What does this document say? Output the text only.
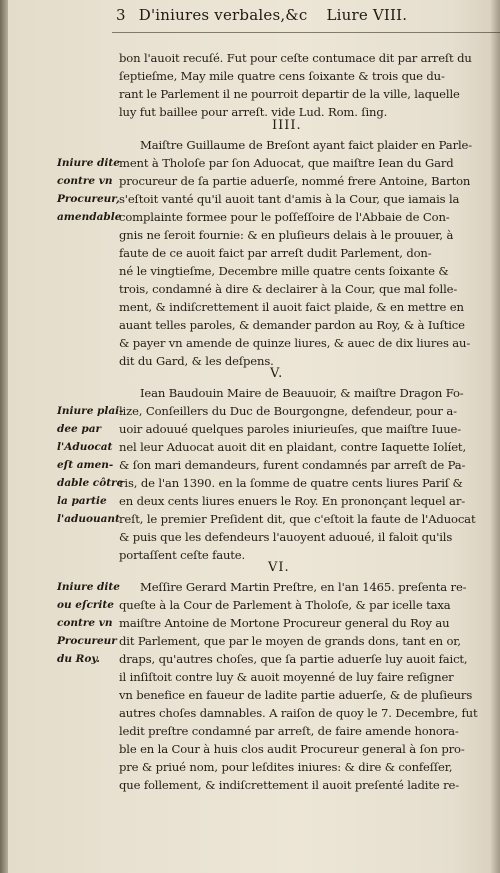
3 D'iniures verbales,&c Liure VIII.
bon l'auoit recuſé. Fut pour ceſte contumace dit par arreſt du
ſeptieſme, May mile quatre cens ſoixante & trois que du-
rant le Parlement il ne pourroit departir de la ville, laquelle
luy fut baillee pour arreſt. vide Lud. Rom. ſing.
IIII.
Maiſtre Guillaume de Breſont ayant faict plaider en Parle-
ment à Tholoſe par ſon Aduocat, que maiſtre Iean du Gard
procureur de ſa partie aduerſe, nommé frere Antoine, Barton
s'eſtoit vanté qu'il auoit tant d'amis à la Cour, que iamais la
complainte formee pour le poſſeſſoire de l'Abbaie de Con-
gnis ne ſeroit fournie: & en pluſieurs delais à le prouuer, à
faute de ce auoit faict par arreſt dudit Parlement, don-
né le vingtieſme, Decembre mille quatre cents ſoixante &
trois, condamné à dire & declairer à la Cour, que mal folle-
ment, & indiſcrettement il auoit faict plaide, & en mettre en
auant telles paroles, & demander pardon au Roy, & à Iuſtice
& payer vn amende de quinze liures, & auec de dix liures au-
dit du Gard, & les deſpens.
Iniure dite
contre vn
Procureur,
amendable
V.
Iean Baudouin Maire de Beauuoir, & maiſtre Dragon Fo-
lize, Conſeillers du Duc de Bourgongne, defendeur, pour a-
uoir adouué quelques paroles iniurieuſes, que maiſtre Iuue-
nel leur Aduocat auoit dit en plaidant, contre Iaquette Iolíet,
& ſon mari demandeurs, furent condamnés par arreſt de Pa-
ris, de l'an 1390. en la ſomme de quatre cents liures Pariſ &
en deux cents liures enuers le Roy. En prononçant lequel ar-
reſt, le premier Preſident dit, que c'eſtoit la faute de l'Aduocat
& puis que les defendeurs l'auoyent aduoué, il faloit qu'ils
portaſſent ceſte faute.
Iniure plai-
dee par
l'Aduocat
eſt amen-
dable côtre
la partie
l'aduouant
VI.
Meſſire Gerard Martin Preſtre, en l'an 1465. preſenta re-
queſte à la Cour de Parlement à Tholoſe, & par icelle taxa
maiſtre Antoine de Mortone Procureur general du Roy au
dit Parlement, que par le moyen de grands dons, tant en or,
draps, qu'autres choſes, que ſa partie aduerſe luy auoit faict,
il inſiſtoit contre luy & auoit moyenné de luy faire reſigner
vn benefice en faueur de ladite partie aduerſe, & de pluſieurs
autres choſes damnables. A raiſon de quoy le 7. Decembre, fut
ledit preſtre condamné par arreſt, de faire amende honora-
ble en la Cour à huis clos audit Procureur general à ſon pro-
pre & priué nom, pour leſdites iniures: & dire & confeſſer,
que follement, & indiſcrettement il auoit preſenté ladite re-
Iniure dite
ou eſcrite
contre vn
Procureur
du Roy.
